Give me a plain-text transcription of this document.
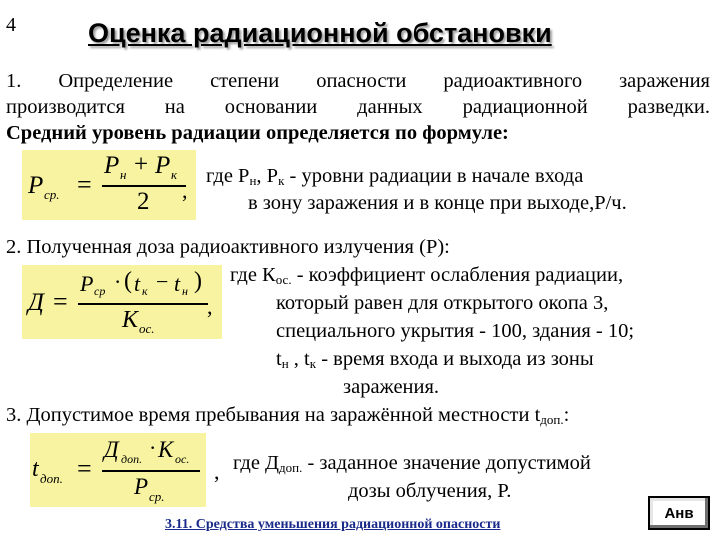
4	Оценка радиационной обстановки
1. Определение степени опасности радиоактивного заражения
производится на основании данных радиационной разведки.
Средний уровень радиации определяется по формуле:
P ср. =
P н + P к
2 ,
где $Р_н$, $Р_к$ - уровни радиации в начале входа
в зону заражения и в конце при выходе,Р/ч.
2. Полученная доза радиоактивного излучения (Р):
Д =
P ср · ( t к − t н )
K ос.
,
где $К_{ос.}$ - коэффициент ослабления радиации,
который равен для открытого окопа 3,
специального укрытия - 100, здания - 10;
$t_н$ , $t_к$ - время входа и выхода из зоны
заражения.
3. Допустимое время пребывания на заражённой местности $t_{доп.}$:
t доп. =
Д доп. · K ос.
P ср.
, где $Д_{доп.}$ - заданное значение допустимой
дозы облучения, Р.
3.11. Средства уменьшения радиационной опасности
Анв
